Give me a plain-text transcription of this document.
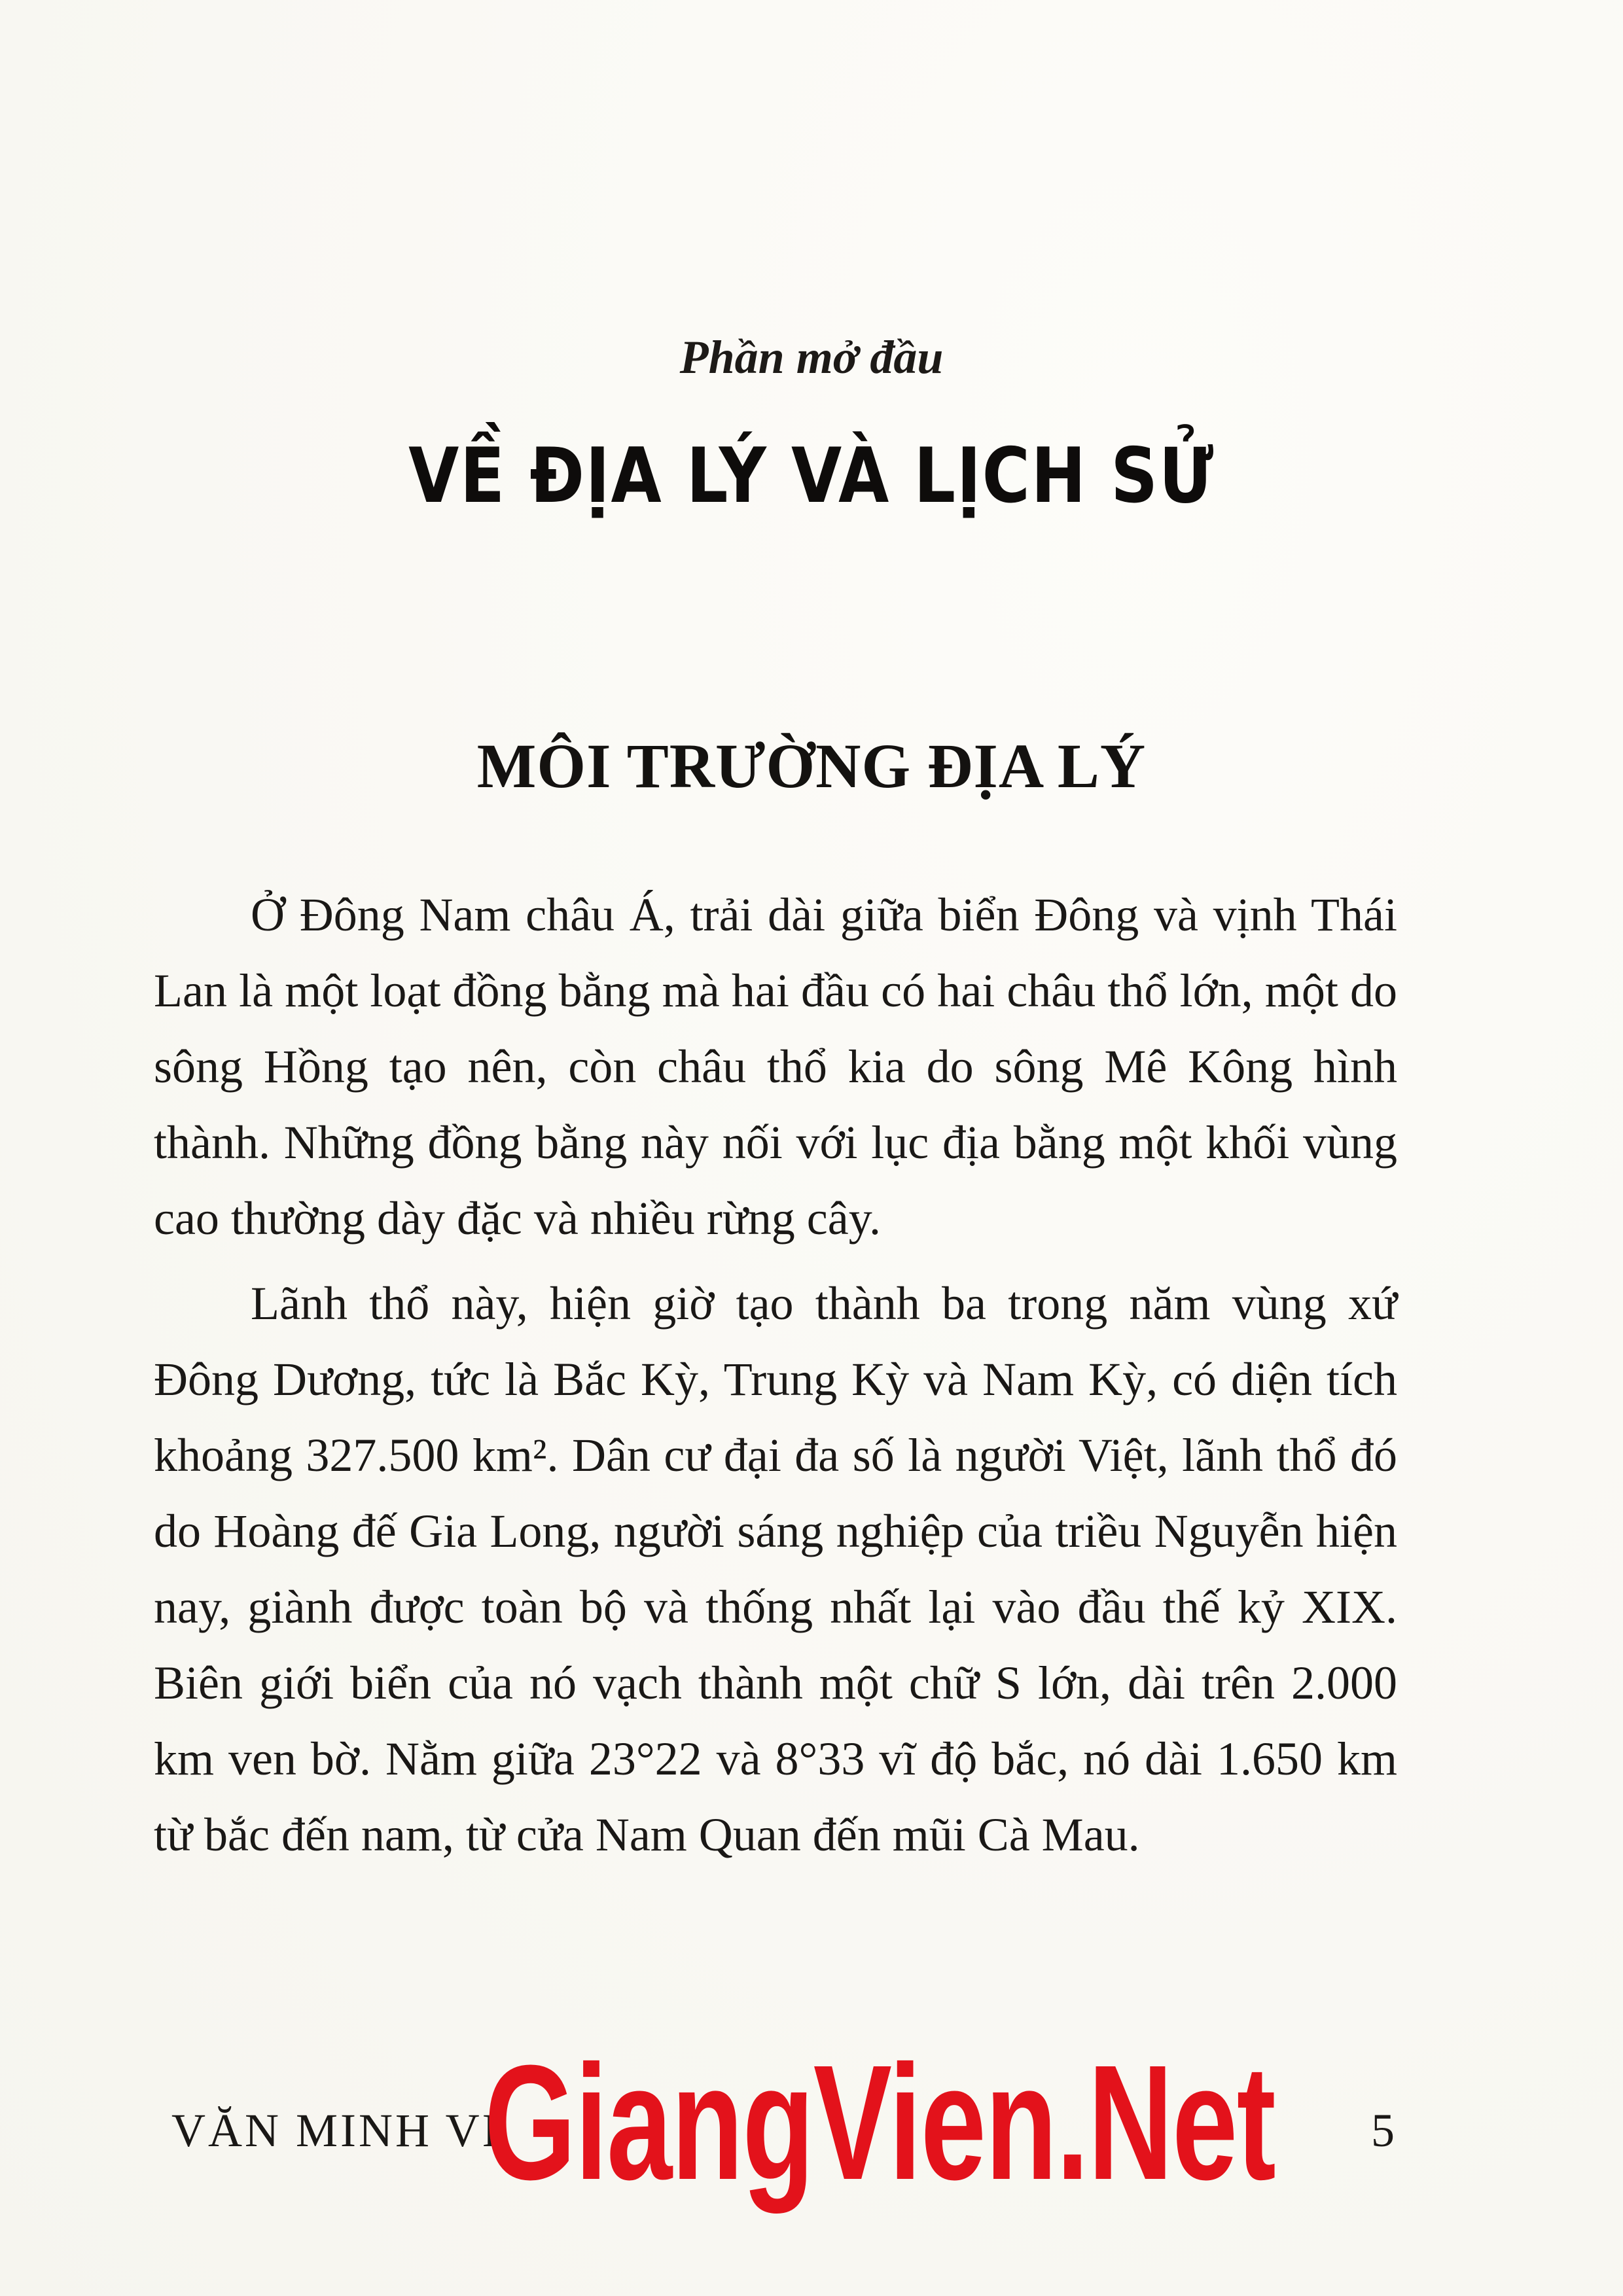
Phần mở đầu
VỀ ĐỊA LÝ VÀ LỊCH SỬ
MÔI TRƯỜNG ĐỊA LÝ

Ở Đông Nam châu Á, trải dài giữa biển Đông và vịnh Thái Lan là một loạt đồng bằng mà hai đầu có hai châu thổ lớn, một do sông Hồng tạo nên, còn châu thổ kia do sông Mê Kông hình thành. Những đồng bằng này nối với lục địa bằng một khối vùng cao thường dày đặc và nhiều rừng cây.

Lãnh thổ này, hiện giờ tạo thành ba trong năm vùng xứ Đông Dương, tức là Bắc Kỳ, Trung Kỳ và Nam Kỳ, có diện tích khoảng 327.500 km². Dân cư đại đa số là người Việt, lãnh thổ đó do Hoàng đế Gia Long, người sáng nghiệp của triều Nguyễn hiện nay, giành được toàn bộ và thống nhất lại vào đầu thế kỷ XIX. Biên giới biển của nó vạch thành một chữ S lớn, dài trên 2.000 km ven bờ. Nằm giữa 23°22 và 8°33 vĩ độ bắc, nó dài 1.650 km từ bắc đến nam, từ cửa Nam Quan đến mũi Cà Mau.

VĂN MINH VI
GiangVien.Net 5
